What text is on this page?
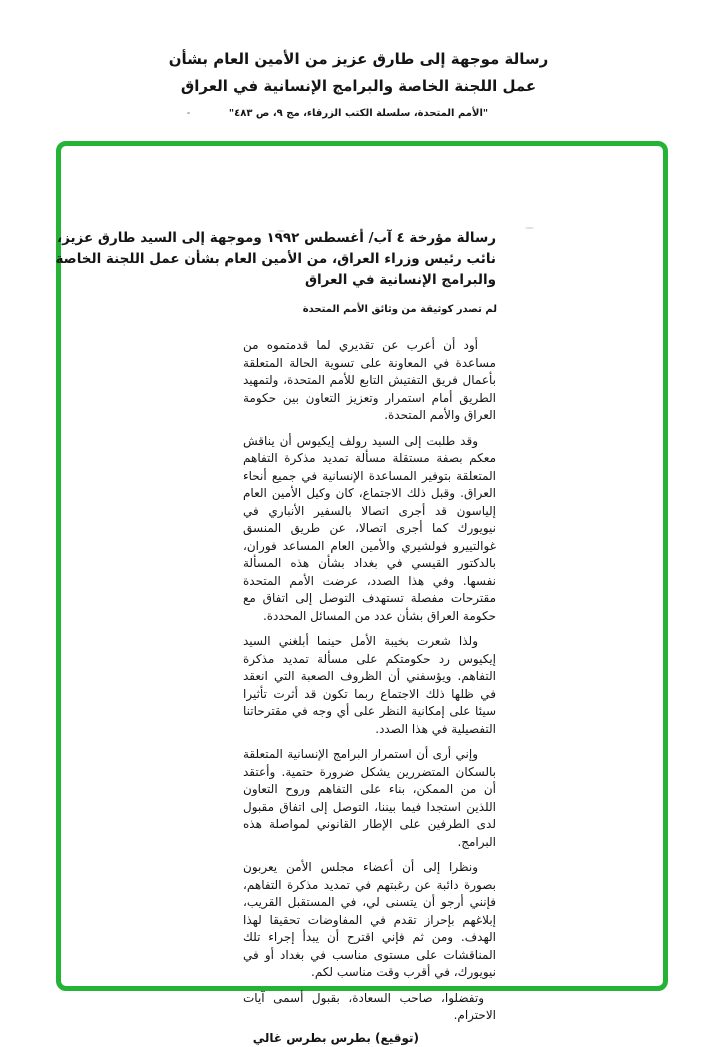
رسالة موجهة إلى طارق عزيز من الأمين العام بشأن
عمل اللجنة الخاصة والبرامج الإنسانية في العراق
"الأمم المتحدة، سلسلة الكتب الزرقاء، مج ٩، ص ٤٨٣"
رسالة مؤرخة ٤ آب/ أغسطس ١٩٩٢ وموجهة إلى السيد طارق عزيز،
نائب رئيس وزراء العراق، من الأمين العام بشأن عمل اللجنة الخاصة
والبرامج الإنسانية في العراق
لم تصدر كوثيقة من وثائق الأمم المتحدة

أود أن أعرب عن تقديري لما قدمتموه من مساعدة في المعاونة على تسوية الحالة المتعلقة بأعمال فريق التفتيش التابع للأمم المتحدة، ولتمهيد الطريق أمام استمرار وتعزيز التعاون بين حكومة العراق والأمم المتحدة.

وقد طلبت إلى السيد رولف إيكيوس أن يناقش معكم بصفة مستقلة مسألة تمديد مذكرة التفاهم المتعلقة بتوفير المساعدة الإنسانية في جميع أنحاء العراق. وقبل ذلك الاجتماع، كان وكيل الأمين العام إلياسون قد أجرى اتصالا بالسفير الأنباري في نيويورك كما أجرى اتصالا، عن طريق المنسق غوالتييرو فولشيري والأمين العام المساعد فوران، بالدكتور القيسي في بغداد بشأن هذه المسألة نفسها. وفي هذا الصدد، عرضت الأمم المتحدة مقترحات مفصلة تستهدف التوصل إلى اتفاق مع حكومة العراق بشأن عدد من المسائل المحددة.

ولذا شعرت بخيبة الأمل حينما أبلغني السيد إيكيوس رد حكومتكم على مسألة تمديد مذكرة التفاهم. ويؤسفني أن الظروف الصعبة التي انعقد في ظلها ذلك الاجتماع ربما تكون قد أثرت تأثيرا سيئا على إمكانية النظر على أي وجه في مقترحاتنا التفصيلية في هذا الصدد.

وإني أرى أن استمرار البرامج الإنسانية المتعلقة بالسكان المتضررين يشكل ضرورة حتمية. وأعتقد أن من الممكن، بناء على التفاهم وروح التعاون اللذين استجدا فيما بيننا، التوصل إلى اتفاق مقبول لدى الطرفين على الإطار القانوني لمواصلة هذه البرامج.

ونظرا إلى أن أعضاء مجلس الأمن يعربون بصورة دائبة عن رغبتهم في تمديد مذكرة التفاهم، فإنني أرجو أن يتسنى لي، في المستقبل القريب، إبلاغهم بإحراز تقدم في المفاوضات تحقيقا لهذا الهدف. ومن ثم فإني اقترح أن يبدأ إجراء تلك المناقشات على مستوى مناسب في بغداد أو في نيويورك، في أقرب وقت مناسب لكم.

وتفضلوا، صاحب السعادة، بقبول أسمى آيات الاحترام.

(توقيع) بطرس بطرس غالي
